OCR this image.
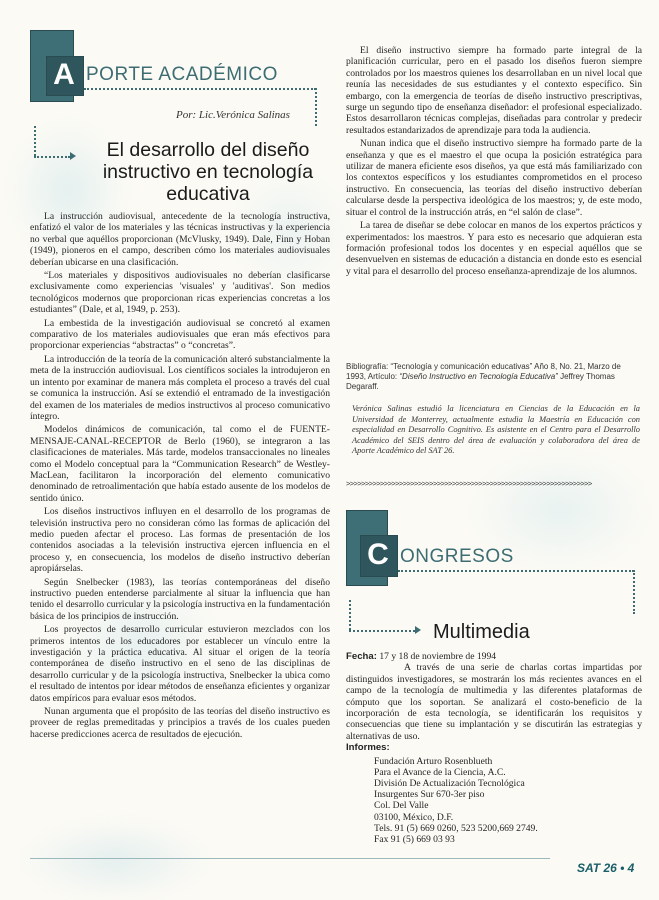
A PORTE ACADÉMICO
Por: Lic.Verónica Salinas
El desarrollo del diseño instructivo en tecnología educativa

La instrucción audiovisual, antecedente de la tecnología instructiva, enfatizó el valor de los materiales y las técnicas instructivas y la experiencia no verbal que aquéllos proporcionan (McVlusky, 1949). Dale, Finn y Hoban (1949), pioneros en el campo, describen cómo los materiales audiovisuales deberían ubicarse en una clasificación.

“Los materiales y dispositivos audiovisuales no deberían clasificarse exclusivamente como experiencias 'visuales' y 'auditivas'. Son medios tecnológicos modernos que proporcionan ricas experiencias concretas a los estudiantes” (Dale, et al, 1949, p. 253).

La embestida de la investigación audiovisual se concretó al examen comparativo de los materiales audiovisuales que eran más efectivos para proporcionar experiencias “abstractas” o “concretas”.

La introducción de la teoría de la comunicación alteró substancialmente la meta de la instrucción audiovisual. Los científicos sociales la introdujeron en un intento por examinar de manera más completa el proceso a través del cual se comunica la instrucción. Así se extendió el entramado de la investigación del examen de los materiales de medios instructivos al proceso comunicativo íntegro.

Modelos dinámicos de comunicación, tal como el de FUENTE-MENSAJE-CANAL-RECEPTOR de Berlo (1960), se integraron a las clasificaciones de materiales. Más tarde, modelos transaccionales no lineales como el Modelo conceptual para la “Communication Research” de Westley-MacLean, facilitaron la incorporación del elemento comunicativo denominado de retroalimentación que había estado ausente de los modelos de sentido único.

Los diseños instructivos influyen en el desarrollo de los programas de televisión instructiva pero no consideran cómo las formas de aplicación del medio pueden afectar el proceso. Las formas de presentación de los contenidos asociadas a la televisión instructiva ejercen influencia en el proceso y, en consecuencia, los modelos de diseño instructivo deberían apropiárselas.

Según Snelbecker (1983), las teorías contemporáneas del diseño instructivo pueden entenderse parcialmente al situar la influencia que han tenido el desarrollo curricular y la psicología instructiva en la fundamentación básica de los principios de instrucción.

Los proyectos de desarrollo curricular estuvieron mezclados con los primeros intentos de los educadores por establecer un vínculo entre la investigación y la práctica educativa. Al situar el origen de la teoría contemporánea de diseño instructivo en el seno de las disciplinas de desarrollo curricular y de la psicología instructiva, Snelbecker la ubica como el resultado de intentos por idear métodos de enseñanza eficientes y organizar datos empíricos para evaluar esos métodos.

Nunan argumenta que el propósito de las teorías del diseño instructivo es proveer de reglas premeditadas y principios a través de los cuales pueden hacerse predicciones acerca de resultados de ejecución.

El diseño instructivo siempre ha formado parte integral de la planificación curricular, pero en el pasado los diseños fueron siempre controlados por los maestros quienes los desarrollaban en un nivel local que reunía las necesidades de sus estudiantes y el contexto específico. Sin embargo, con la emergencia de teorías de diseño instructivo prescriptivas, surge un segundo tipo de enseñanza diseñador: el profesional especializado. Estos desarrollaron técnicas complejas, diseñadas para controlar y predecir resultados estandarizados de aprendizaje para toda la audiencia.

Nunan indica que el diseño instructivo siempre ha formado parte de la enseñanza y que es el maestro el que ocupa la posición estratégica para utilizar de manera eficiente esos diseños, ya que está más familiarizado con los contextos específicos y los estudiantes comprometidos en el proceso instructivo. En consecuencia, las teorías del diseño instructivo deberían calcularse desde la perspectiva ideológica de los maestros; y, de este modo, situar el control de la instrucción atrás, en “el salón de clase”.

La tarea de diseñar se debe colocar en manos de los expertos prácticos y experimentados: los maestros. Y para esto es necesario que adquieran esta formación profesional todos los docentes y en especial aquéllos que se desenvuelven en sistemas de educación a distancia en donde esto es esencial y vital para el desarrollo del proceso enseñanza-aprendizaje de los alumnos.

Bibliografía: “Tecnología y comunicación educativas” Año 8, No. 21, Marzo de 1993, Artículo: “Diseño Instructivo en Tecnología Educativa” Jeffrey Thomas Degaraff.
Verónica Salinas estudió la licenciatura en Ciencias de la Educación en la Universidad de Monterrey, actualmente estudia la Maestría en Educación con especialidad en Desarrollo Cognitivo. Es asistente en el Centro para el Desarrollo Académico del SEIS dentro del área de evaluación y colaboradora del área de Aporte Académico del SAT 26.
>>>>>>>>>>>>>>>>>>>>>>>>>>>>>>>>>>>>>>>>>>>>>>>>>>>>>>>>>>>>>>>>>
C ONGRESOS
Multimedia

Fecha: 17 y 18 de noviembre de 1994

A través de una serie de charlas cortas impartidas por distinguidos investigadores, se mostrarán los más recientes avances en el campo de la tecnología de multimedia y las diferentes plataformas de cómputo que los soportan. Se analizará el costo-beneficio de la incorporación de esta tecnología, se identificarán los requisitos y consecuencias que tiene su implantación y se discutirán las estrategias y alternativas de uso.

Informes:

Fundación Arturo Rosenblueth
Para el Avance de la Ciencia, A.C.
División De Actualización Tecnológica
Insurgentes Sur 670-3er piso
Col. Del Valle
03100, México, D.F.
Tels. 91 (5) 669 0260, 523 5200,669 2749.
Fax 91 (5) 669 03 93
SAT 26 • 4
